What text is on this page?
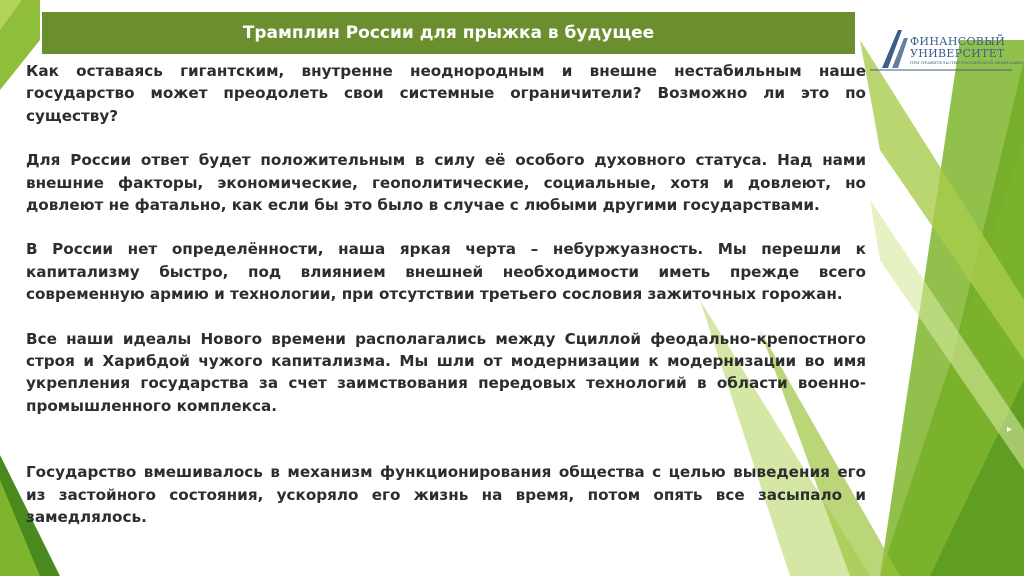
Трамплин России для прыжка в будущее	ФИНАНСОВЫЙ
УНИВЕРСИТЕТ
ПРИ ПРАВИТЕЛЬСТВЕ РОССИЙСКОЙ ФЕДЕРАЦИИ

Как оставаясь гигантским, внутренне неоднородным и внешне нестабильным наше государство может преодолеть свои системные ограничители? Возможно ли это по существу?

Для России ответ будет положительным в силу её особого духовного статуса. Над нами внешние факторы, экономические, геополитические, социальные, хотя и довлеют, но довлеют не фатально, как если бы это было в случае с любыми другими государствами.

В России нет определённости, наша яркая черта – небуржуазность. Мы перешли к капитализму быстро, под влиянием внешней необходимости иметь прежде всего современную армию и технологии, при отсутствии третьего сословия зажиточных горожан.

Все наши идеалы Нового времени располагались между Сциллой феодально-крепостного строя и Харибдой чужого капитализма. Мы шли от модернизации к модернизации во имя укрепления государства за счет заимствования передовых технологий в области военно-промышленного комплекса.

Государство вмешивалось в механизм функционирования общества с целью выведения его из застойного состояния, ускоряло его жизнь на время, потом опять все засыпало и замедлялось.

▸
